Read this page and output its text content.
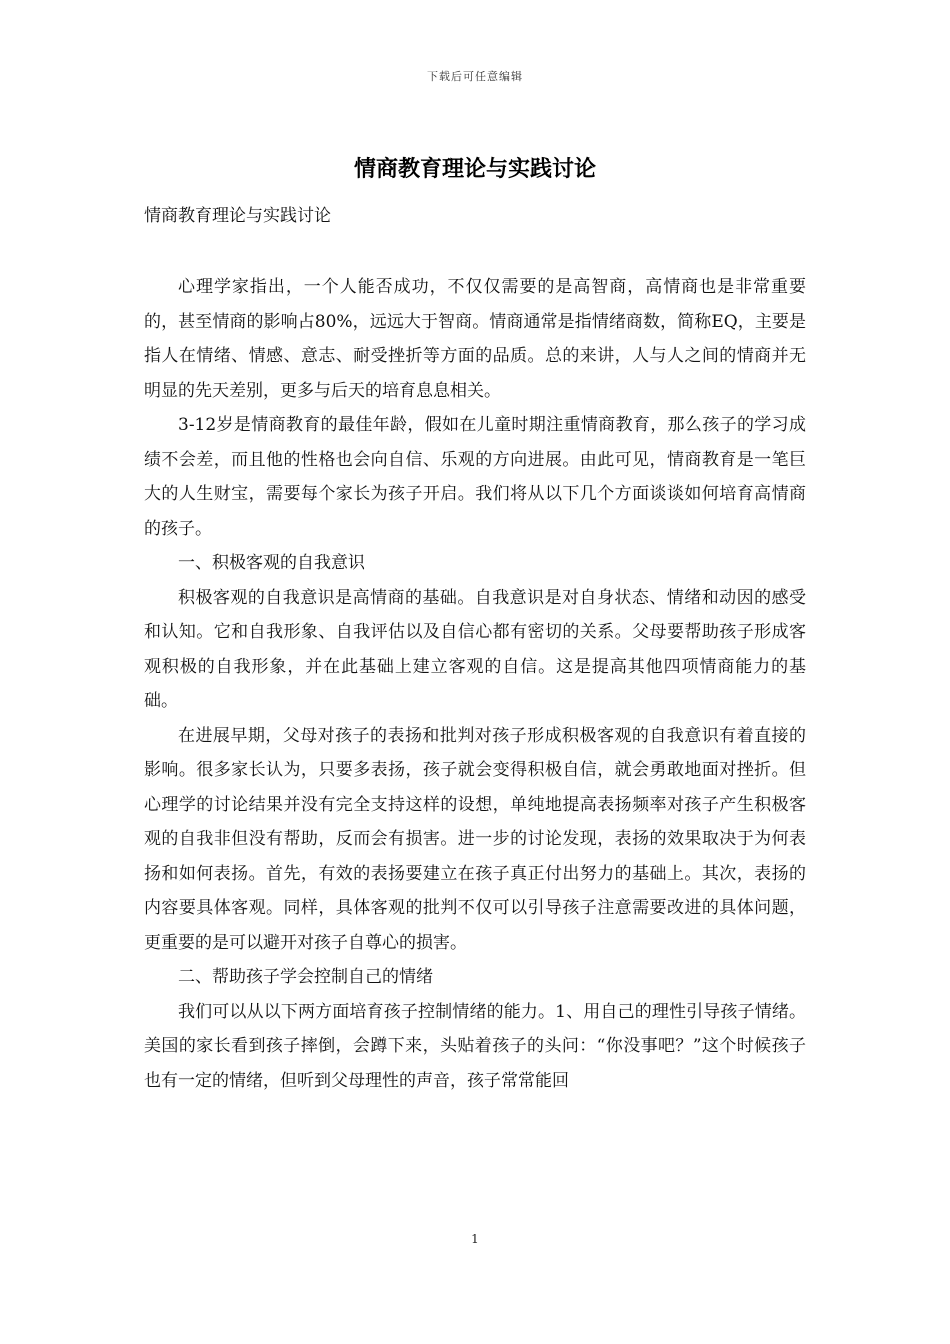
下载后可任意编辑
情商教育理论与实践讨论
情商教育理论与实践讨论

心理学家指出，一个人能否成功，不仅仅需要的是高智商，高情商也是非常重要的，甚至情商的影响占80%，远远大于智商。情商通常是指情绪商数，简称EQ，主要是指人在情绪、情感、意志、耐受挫折等方面的品质。总的来讲，人与人之间的情商并无明显的先天差别，更多与后天的培育息息相关。

3-12岁是情商教育的最佳年龄，假如在儿童时期注重情商教育，那么孩子的学习成绩不会差，而且他的性格也会向自信、乐观的方向进展。由此可见，情商教育是一笔巨大的人生财宝，需要每个家长为孩子开启。我们将从以下几个方面谈谈如何培育高情商的孩子。

一、积极客观的自我意识

积极客观的自我意识是高情商的基础。自我意识是对自身状态、情绪和动因的感受和认知。它和自我形象、自我评估以及自信心都有密切的关系。父母要帮助孩子形成客观积极的自我形象，并在此基础上建立客观的自信。这是提高其他四项情商能力的基础。

在进展早期，父母对孩子的表扬和批判对孩子形成积极客观的自我意识有着直接的影响。很多家长认为，只要多表扬，孩子就会变得积极自信，就会勇敢地面对挫折。但心理学的讨论结果并没有完全支持这样的设想，单纯地提高表扬频率对孩子产生积极客观的自我非但没有帮助，反而会有损害。进一步的讨论发现，表扬的效果取决于为何表扬和如何表扬。首先，有效的表扬要建立在孩子真正付出努力的基础上。其次，表扬的内容要具体客观。同样，具体客观的批判不仅可以引导孩子注意需要改进的具体问题，更重要的是可以避开对孩子自尊心的损害。

二、帮助孩子学会控制自己的情绪

我们可以从以下两方面培育孩子控制情绪的能力。1、用自己的理性引导孩子情绪。美国的家长看到孩子摔倒，会蹲下来，头贴着孩子的头问：“你没事吧？”这个时候孩子也有一定的情绪，但听到父母理性的声音，孩子常常能回

1
